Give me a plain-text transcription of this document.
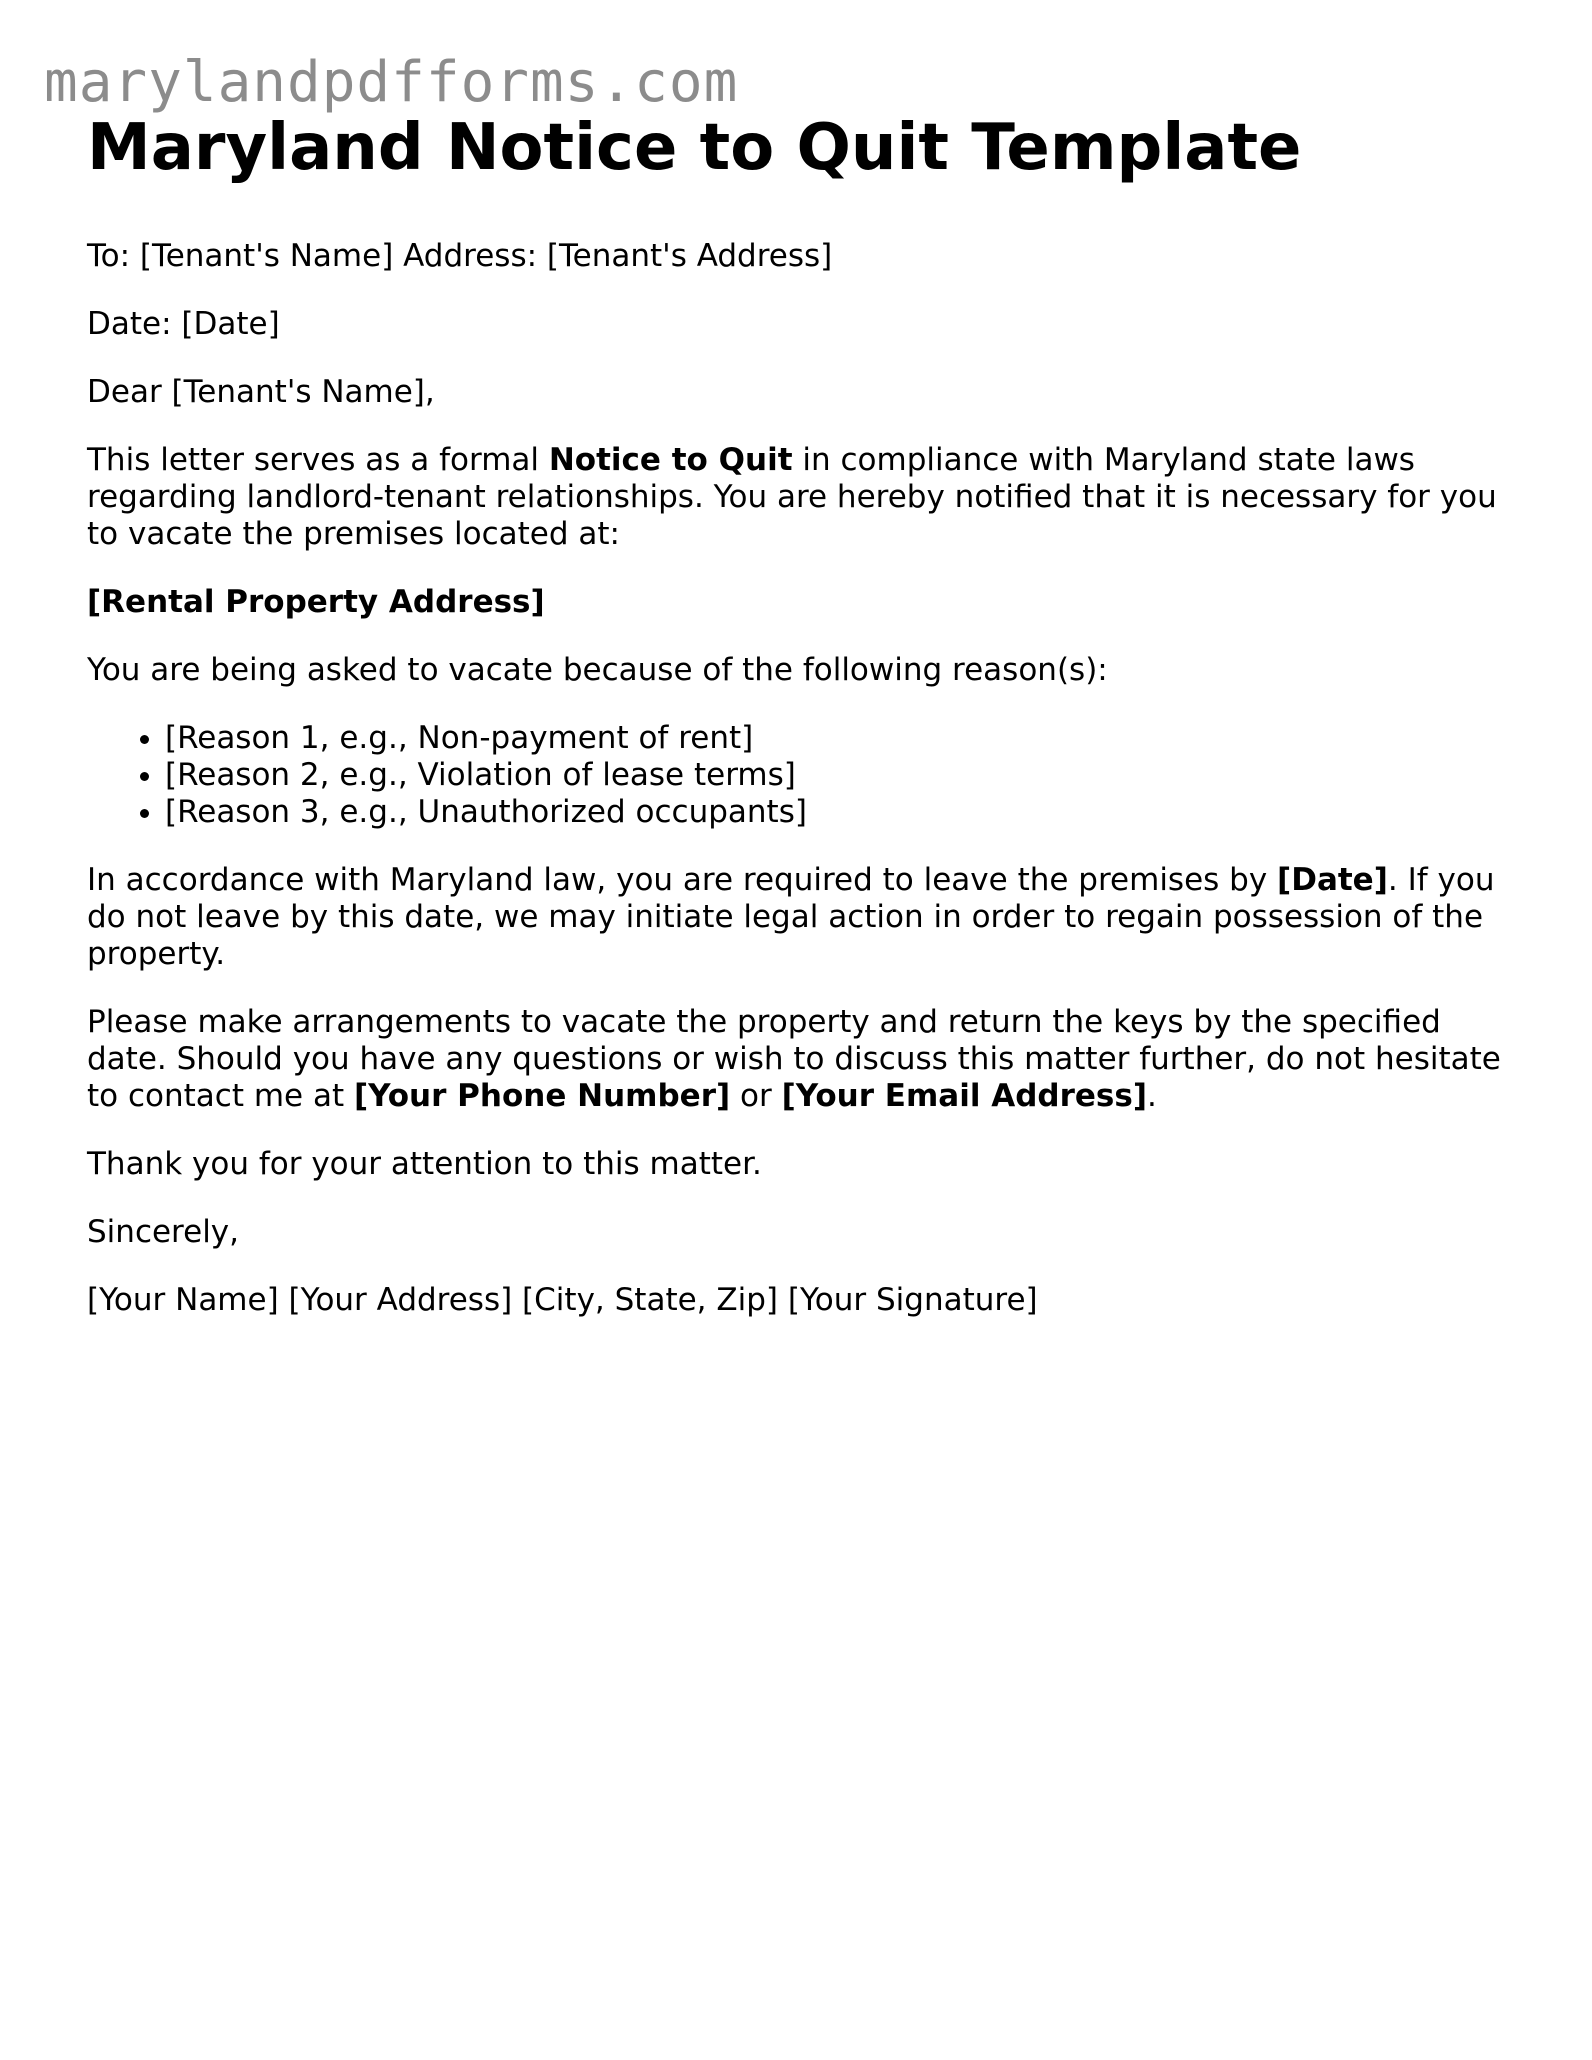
marylandpdfforms.com
Maryland Notice to Quit Template

To: [Tenant's Name] Address: [Tenant's Address]

Date: [Date]

Dear [Tenant's Name],

This letter serves as a formal Notice to Quit in compliance with Maryland state laws regarding landlord-tenant relationships. You are hereby notified that it is necessary for you to vacate the premises located at:

[Rental Property Address]

You are being asked to vacate because of the following reason(s):

• [Reason 1, e.g., Non-payment of rent]
• [Reason 2, e.g., Violation of lease terms]
• [Reason 3, e.g., Unauthorized occupants]

In accordance with Maryland law, you are required to leave the premises by [Date]. If you do not leave by this date, we may initiate legal action in order to regain possession of the property.

Please make arrangements to vacate the property and return the keys by the specified date. Should you have any questions or wish to discuss this matter further, do not hesitate to contact me at [Your Phone Number] or [Your Email Address].

Thank you for your attention to this matter.

Sincerely,

[Your Name] [Your Address] [City, State, Zip] [Your Signature]
